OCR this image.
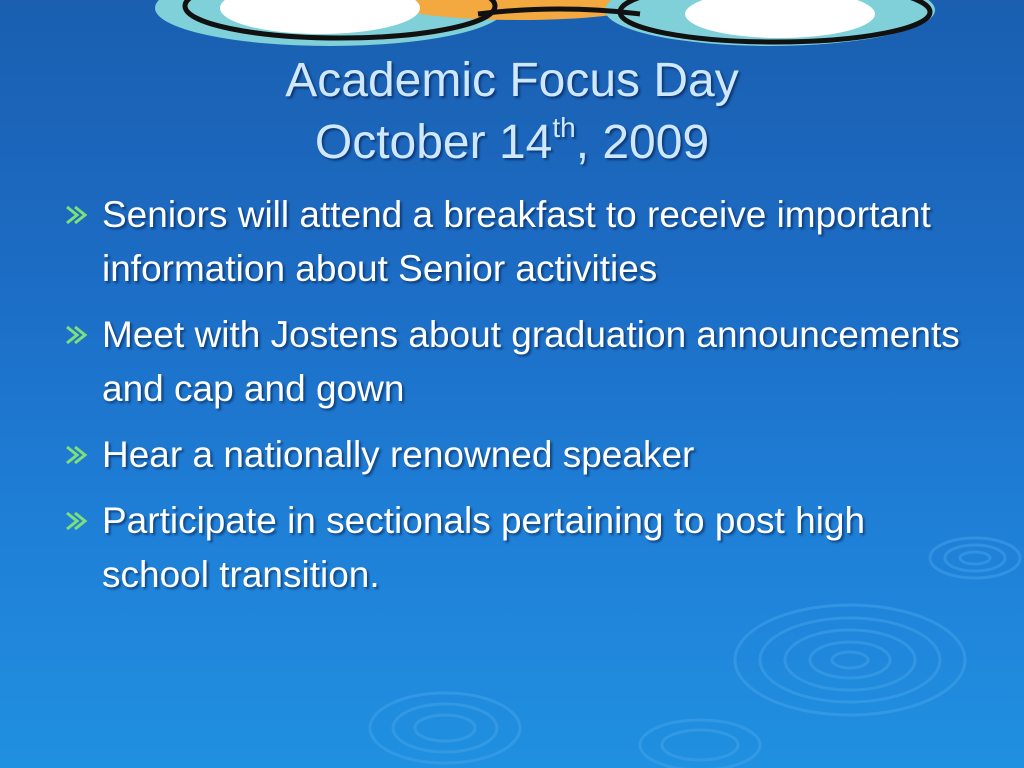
Academic Focus Day
October 14th, 2009
Seniors will attend a breakfast to receive important information about Senior activities
Meet with Jostens about graduation announcements and cap and gown
Hear a nationally renowned speaker
Participate in sectionals pertaining to post high school transition.
